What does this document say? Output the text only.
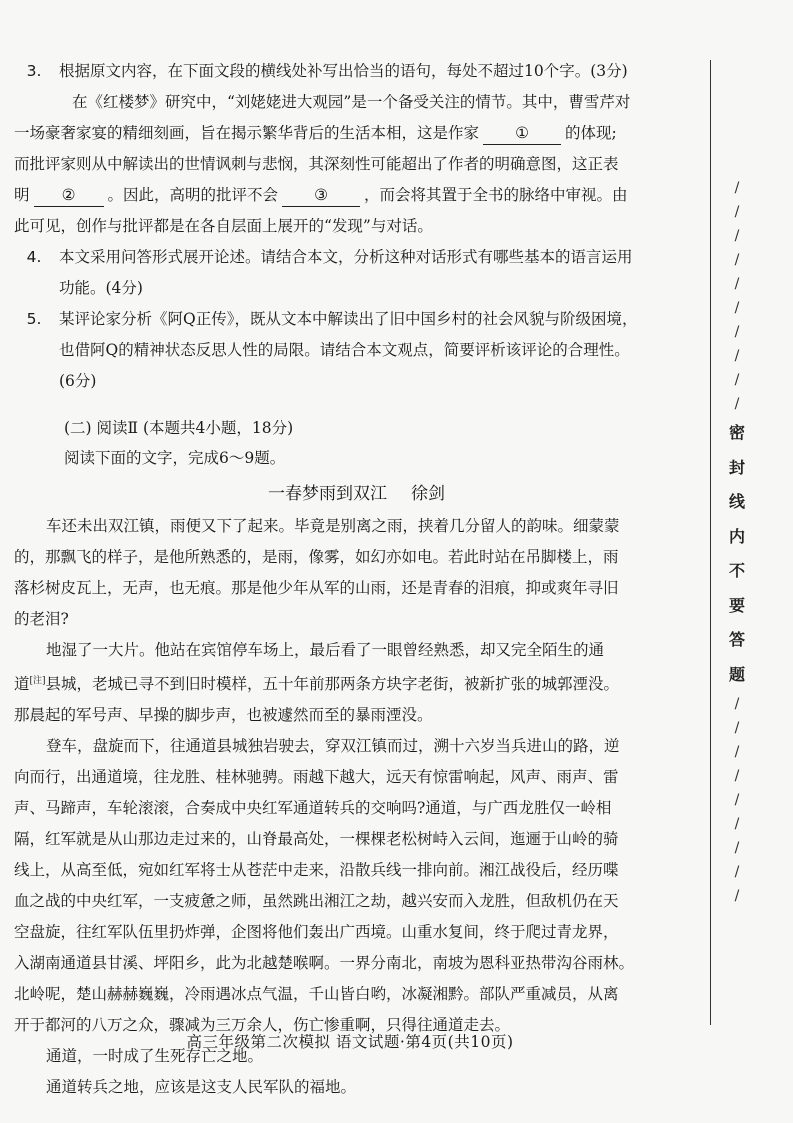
3.	根据原文内容，在下面文段的横线处补写出恰当的语句，每处不超过10个字。(3分)

在《红楼梦》研究中，“刘姥姥进大观园”是一个备受关注的情节。其中，曹雪芹对

一场豪奢家宴的精细刻画，旨在揭示繁华背后的生活本相，这是作家 ① 的体现;

而批评家则从中解读出的世情讽刺与悲悯，其深刻性可能超出了作者的明确意图，这正表

明 ② 。因此，高明的批评不会 ③ ，而会将其置于全书的脉络中审视。由

此可见，创作与批评都是在各自层面上展开的“发现”与对话。

4.	本文采用问答形式展开论述。请结合本文，分析这种对话形式有哪些基本的语言运用

功能。(4分)

5.	某评论家分析《阿Q正传》，既从文本中解读出了旧中国乡村的社会风貌与阶级困境，

也借阿Q的精神状态反思人性的局限。请结合本文观点，简要评析该评论的合理性。

(6分)

(二) 阅读Ⅱ (本题共4小题，18分)

阅读下面的文字，完成6～9题。

一春梦雨到双江 徐剑

车还未出双江镇，雨便又下了起来。毕竟是别离之雨，挟着几分留人的韵味。细蒙蒙

的，那飘飞的样子，是他所熟悉的，是雨，像雾，如幻亦如电。若此时站在吊脚楼上，雨

落杉树皮瓦上，无声，也无痕。那是他少年从军的山雨，还是青春的泪痕，抑或爽年寻旧

的老泪?

地湿了一大片。他站在宾馆停车场上，最后看了一眼曾经熟悉，却又完全陌生的通

道[注]县城，老城已寻不到旧时模样，五十年前那两条方块字老街，被新扩张的城郭湮没。

那晨起的军号声、早操的脚步声，也被遽然而至的暴雨湮没。

登车，盘旋而下，往通道县城独岩驶去，穿双江镇而过，溯十六岁当兵进山的路，逆

向而行，出通道境，往龙胜、桂林驰骋。雨越下越大，远天有惊雷响起，风声、雨声、雷

声、马蹄声，车轮滚滚，合奏成中央红军通道转兵的交响吗?通道，与广西龙胜仅一岭相

隔，红军就是从山那边走过来的，山脊最高处，一棵棵老松树峙入云间，迤逦于山岭的骑

线上，从高至低，宛如红军将士从苍茫中走来，沿散兵线一排向前。湘江战役后，经历喋

血之战的中央红军，一支疲惫之师，虽然跳出湘江之劫，越兴安而入龙胜，但敌机仍在天

空盘旋，往红军队伍里扔炸弹，企图将他们轰出广西境。山重水复间，终于爬过青龙界，

入湖南通道县甘溪、坪阳乡，此为北越楚喉啊。一界分南北，南坡为恩科亚热带沟谷雨林。

北岭呢，楚山赫赫巍巍，冷雨遇冰点气温，千山皆白哟，冰凝湘黔。部队严重减员，从离

开于都河的八万之众，骤减为三万余人，伤亡惨重啊，只得往通道走去。

通道，一时成了生死存亡之地。

通道转兵之地，应该是这支人民军队的福地。

高三年级第二次模拟 语文试题·第4页(共10页)

/
/
/
/
/
/
/
/
/
/
密
封
线
内
不
要
答
题
/
/
/
/
/
/
/
/
/
